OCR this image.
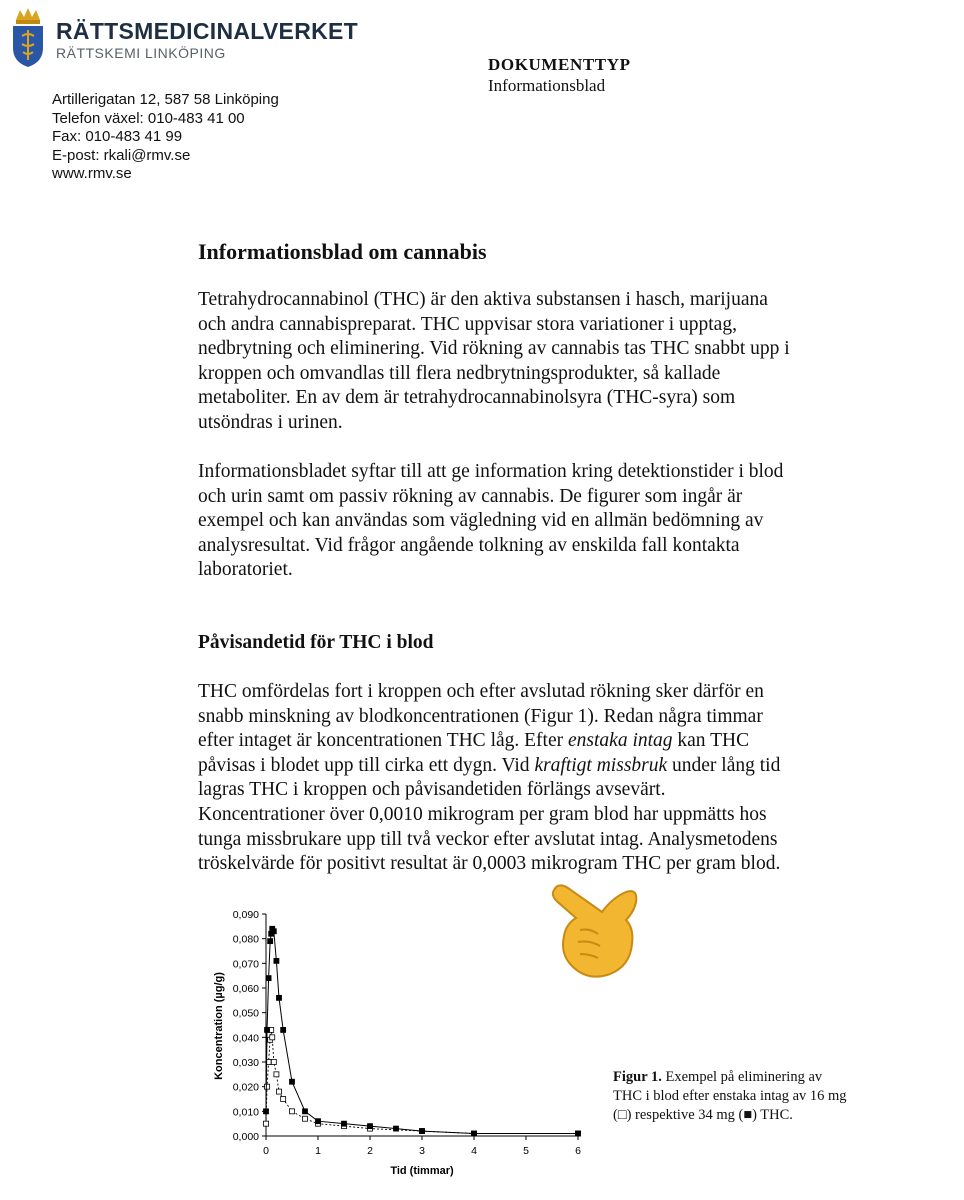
RÄTTSMEDICINALVERKET
RÄTTSKEMI LINKÖPING
Artillerigatan 12, 587 58 Linköping
Telefon växel: 010-483 41 00
Fax: 010-483 41 99
E-post: rkali@rmv.se
www.rmv.se
DOKUMENTTYP
Informationsblad
Informationsblad om cannabis

Tetrahydrocannabinol (THC) är den aktiva substansen i hasch, marijuana
och andra cannabispreparat. THC uppvisar stora variationer i upptag,
nedbrytning och eliminering. Vid rökning av cannabis tas THC snabbt upp i
kroppen och omvandlas till flera nedbrytningsprodukter, så kallade
metaboliter. En av dem är tetrahydrocannabinolsyra (THC-syra) som
utsöndras i urinen.

Informationsbladet syftar till att ge information kring detektionstider i blod
och urin samt om passiv rökning av cannabis. De figurer som ingår är
exempel och kan användas som vägledning vid en allmän bedömning av
analysresultat. Vid frågor angående tolkning av enskilda fall kontakta
laboratoriet.

Påvisandetid för THC i blod

THC omfördelas fort i kroppen och efter avslutad rökning sker därför en
snabb minskning av blodkoncentrationen (Figur 1). Redan några timmar
efter intaget är koncentrationen THC låg. Efter enstaka intag kan THC
påvisas i blodet upp till cirka ett dygn. Vid kraftigt missbruk under lång tid
lagras THC i kroppen och påvisandetiden förlängs avsevärt.
Koncentrationer över 0,0010 mikrogram per gram blod har uppmätts hos
tunga missbrukare upp till två veckor efter avslutat intag. Analysmetodens
tröskelvärde för positivt resultat är 0,0003 mikrogram THC per gram blod.

0,000
0,010
0,020
0,030
0,040
0,050
0,060
0,070
0,080
0,090
0	1	2	3	4	5	6
Tid (timmar)
Koncentration (µg/g)	Figur 1. Exempel på eliminering av THC i blod efter enstaka intag av 16 mg (□) respektive 34 mg (■) THC.
